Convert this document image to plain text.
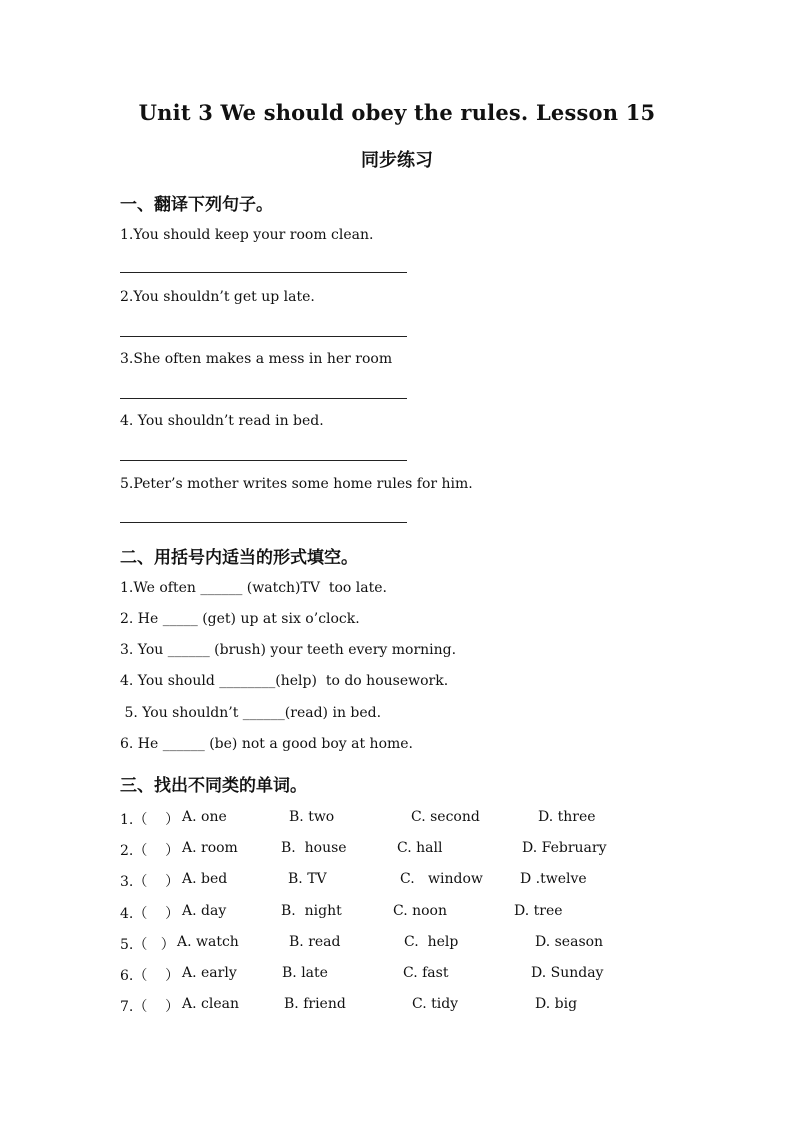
Unit 3 We should obey the rules. Lesson 15
同步练习
一、翻译下列句子。
1.You should keep your room clean.
2.You shouldn’t get up late.
3.She often makes a mess in her room
4. You shouldn’t read in bed.
5.Peter’s mother writes some home rules for him.
二、用括号内适当的形式填空。
1.We often ______ (watch)TV  too late.
2. He _____ (get) up at six o’clock.
3. You ______ (brush) your teeth every morning.
4. You should ________(help)  to do housework.
5. You shouldn’t ______(read) in bed.
6. He ______ (be) not a good boy at home.
三、找出不同类的单词。
1.（    ） A. one	B. two	C. second	D. three
2.（    ） A. room	B.  house	C. hall	D. February
3.（    ） A. bed	B. TV	C.   window	D .twelve
4.（    ） A. day	B.  night	C. noon	D. tree
5.（   ） A. watch	B. read	C.  help	D. season
6.（    ） A. early	B. late	C. fast	D. Sunday
7.（    ） A. clean	B. friend	C. tidy	D. big
